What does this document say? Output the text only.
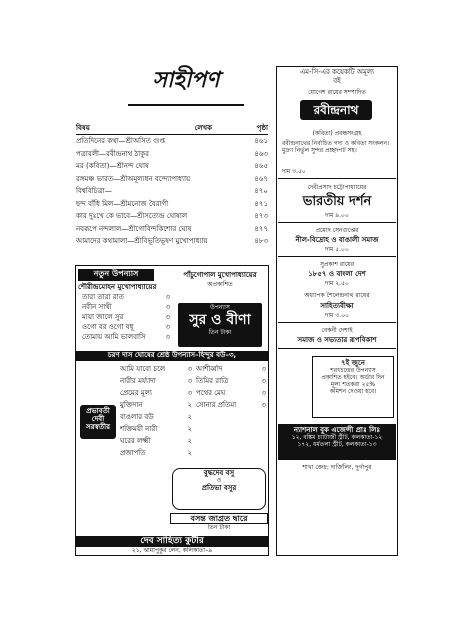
সাহীপণ
বিষয়	লেখক	পৃষ্ঠা
প্রতিদিনের কথা—শ্রীঅসিত গুপ্ত	৪৬১
পত্রাবলী—রবীন্দ্রনাথ ঠাকুর	৪৬৩
মর (কবিতা)—শ্রীনন্দ ঘোষ	৪৬৫
রঙ্গমঞ্চ ভারত—শ্রীঅমূল্যধন বন্দ্যোপাধ্যায়	৪৬৭
বিশ্ববিচিত্রা—	৪৭০
ছন্দ বাঁধি মিল—শ্রীমনোজ বৈরাগী	৪৭১
কার দুঃখে কে ভাবে—শ্রীসত্যেন্দ্র ঘোষাল	৪৭৩
নবরূপে নন্দলাল—শ্রীগোবিন্দকিশোর ঘোষ	৪৭৭
আমাদের কথামালা—শ্রীবিভূতিভূষণ মুখোপাধ্যায়	৪৮৩
নতুন উপন্যাস
শৌরীন্দ্রমোহন মুখোপাধ্যায়ের
তারা তারা রাত	৩
নবীন সাথী	৩
মায়া জালে সুর	৩
ওগো বর ওগো বধূ	৩
তোমায় আমি ভালবাসি	৩
পাঁচুগোপাল মুখোপাধ্যায়ের
অপ্রকাশিত
উপন্যাস
সুর ও বীণা
তিন টাকা
চরণ দাস ঘোষের শ্রেষ্ঠ উপন্যাস–হিন্দুর বউ–৩,
প্রভাবতী দেবী সরস্বতীর
আমি যাবো চলে	৩
নারীর মর্য্যাদা	৩
প্রেমের মূল্য	৩
মুক্তিদান	২
বাঙলার বউ	২
শক্তিময়ী নারী	২
ঘরের লক্ষ্মী	২
প্রজাপতি	২
আশীর্ব্বাদ	৩
তিমির রাত্রি	৩
পথের মেঘ	৩
সোনার প্রতিমা	৩
বুদ্ধদেব বসু
ও
প্রতিভা বসুর
বসন্ত জাগ্রত দ্বারে
তিন টাকা
দেব সাহিত্য কুটীর
২১, ঝামাপুকুর লেন, কলিকাতা–৯
এম-সি-এর কয়েকটি অমূল্য
বই
যোগেশ রায়ের সম্পাদিত
রবীন্দ্রনাথ
(কবিতা) প্রবন্ধসংগ্রহ
রবীন্দ্রনাথের নির্বাচিত গদ্য ও কবিতা সংকলন। মুদ্রণ নির্ভুল সুন্দর প্রচ্ছদপট সহ।
দাম ৩.৫০
দেবীপ্রসাদ চট্টোপাধ্যায়ের
ভারতীয় দর্শন
দাম ৯.০০
প্রমোদ সেনগুপ্তের
নীল-বিদ্রোহ ও বাঙালী সমাজ
দাম ৫.০০
সুপ্রকাশ রায়ের
১৮৫৭ ও বাংলা দেশ
দাম ২.৫০
অধ্যাপক শৈলেন্দ্রনাথ রায়ের
সাহিত্যবীক্ষা
দাম ৩.০০
বেকনী দেশাই
সমাজ ও সভ্যতার রূপবিকাশ
৭ই জুনে
শরৎচন্দ্রের উপন্যাস
প্রকাশিত হইবে। অর্ডার দিন
মূল্য শতকরা ২৫%
কমিশন দেওয়া হবে।
ন্যাশনাল বুক এজেন্সী প্রাঃ লিঃ
১২, বঙ্কিম চ্যাটার্জী স্ট্রীট, কলকাতা-১২
১৭২, ধর্মতলা স্ট্রীট, কলকাতা-১৩
শাখা কেন্দ্র: দার্জিলিং, দুর্গাপুর
